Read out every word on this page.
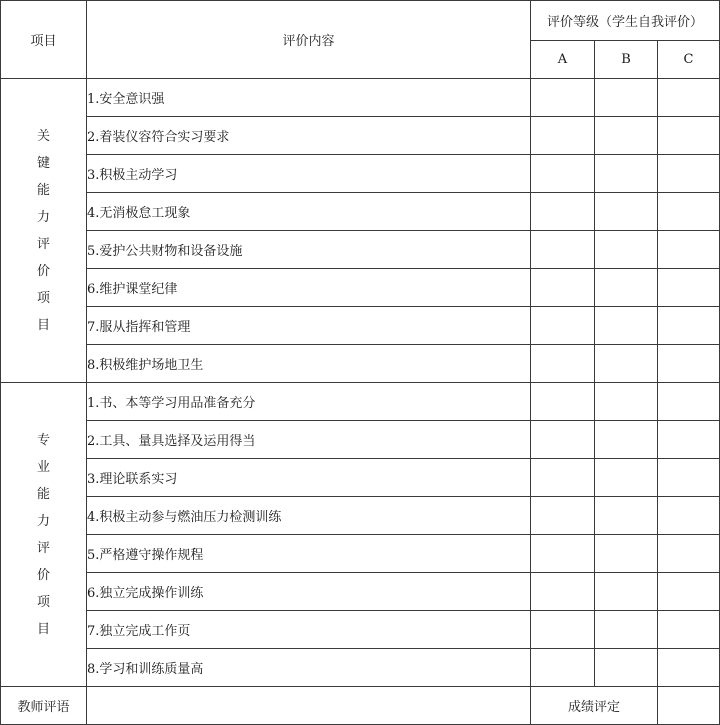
项目	评价内容	评价等级（学生自我评价）		
		A	B	C
关键能力评价项目	1.安全意识强			
	2.着装仪容符合实习要求			
	3.积极主动学习			
	4.无消极怠工现象			
	5.爱护公共财物和设备设施			
	6.维护课堂纪律			
	7.服从指挥和管理			
	8.积极维护场地卫生			
专业能力评价项目	1.书、本等学习用品准备充分			
	2.工具、量具选择及运用得当			
	3.理论联系实习			
	4.积极主动参与燃油压力检测训练			
	5.严格遵守操作规程			
	6.独立完成操作训练			
	7.独立完成工作页			
	8.学习和训练质量高			
教师评语		成绩评定		
